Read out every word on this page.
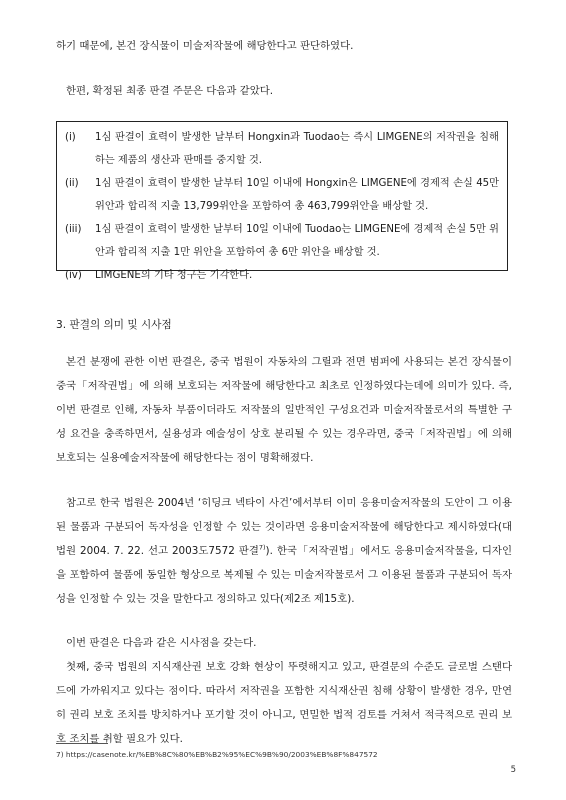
하기 때문에, 본건 장식물이 미술저작물에 해당한다고 판단하였다.

한편, 확정된 최종 판결 주문은 다음과 같았다.

(i)	1심 판결이 효력이 발생한 날부터 Hongxin과 Tuodao는 즉시 LIMGENE의 저작권을 침해하는 제품의 생산과 판매를 중지할 것.
(ii)	1심 판결이 효력이 발생한 날부터 10일 이내에 Hongxin은 LIMGENE에 경제적 손실 45만 위안과 합리적 지출 13,799위안을 포함하여 총 463,799위안을 배상할 것.
(iii)	1심 판결이 효력이 발생한 날부터 10일 이내에 Tuodao는 LIMGENE에 경제적 손실 5만 위안과 합리적 지출 1만 위안을 포함하여 총 6만 위안을 배상할 것.
(iv)	LIMGENE의 기타 청구는 기각한다.
3. 판결의 의미 및 시사점

본건 분쟁에 관한 이번 판결은, 중국 법원이 자동차의 그릴과 전면 범퍼에 사용되는 본건 장식물이 중국「저작권법」에 의해 보호되는 저작물에 해당한다고 최초로 인정하였다는데에 의미가 있다. 즉, 이번 판결로 인해, 자동차 부품이더라도 저작물의 일반적인 구성요건과 미술저작물로서의 특별한 구성 요건을 충족하면서, 실용성과 예술성이 상호 분리될 수 있는 경우라면, 중국「저작권법」에 의해 보호되는 실용예술저작물에 해당한다는 점이 명확해졌다.

참고로 한국 법원은 2004년 ‘히딩크 넥타이 사건’에서부터 이미 응용미술저작물의 도안이 그 이용된 물품과 구분되어 독자성을 인정할 수 있는 것이라면 응용미술저작물에 해당한다고 제시하였다(대법원 2004. 7. 22. 선고 2003도7572 판결$^{7)}$). 한국「저작권법」에서도 응용미술저작물을, 디자인을 포함하여 물품에 동일한 형상으로 복제될 수 있는 미술저작물로서 그 이용된 물품과 구분되어 독자성을 인정할 수 있는 것을 말한다고 정의하고 있다(제2조 제15호).

이번 판결은 다음과 같은 시사점을 갖는다.

첫째, 중국 법원의 지식재산권 보호 강화 현상이 뚜렷해지고 있고, 판결문의 수준도 글로벌 스탠다드에 가까워지고 있다는 점이다. 따라서 저작권을 포함한 지식재산권 침해 상황이 발생한 경우, 만연히 권리 보호 조치를 방치하거나 포기할 것이 아니고, 면밀한 법적 검토를 거쳐서 적극적으로 권리 보호 조치를 취할 필요가 있다.

7) https://casenote.kr/%EB%8C%80%EB%B2%95%EC%9B%90/2003%EB%8F%847572

5
